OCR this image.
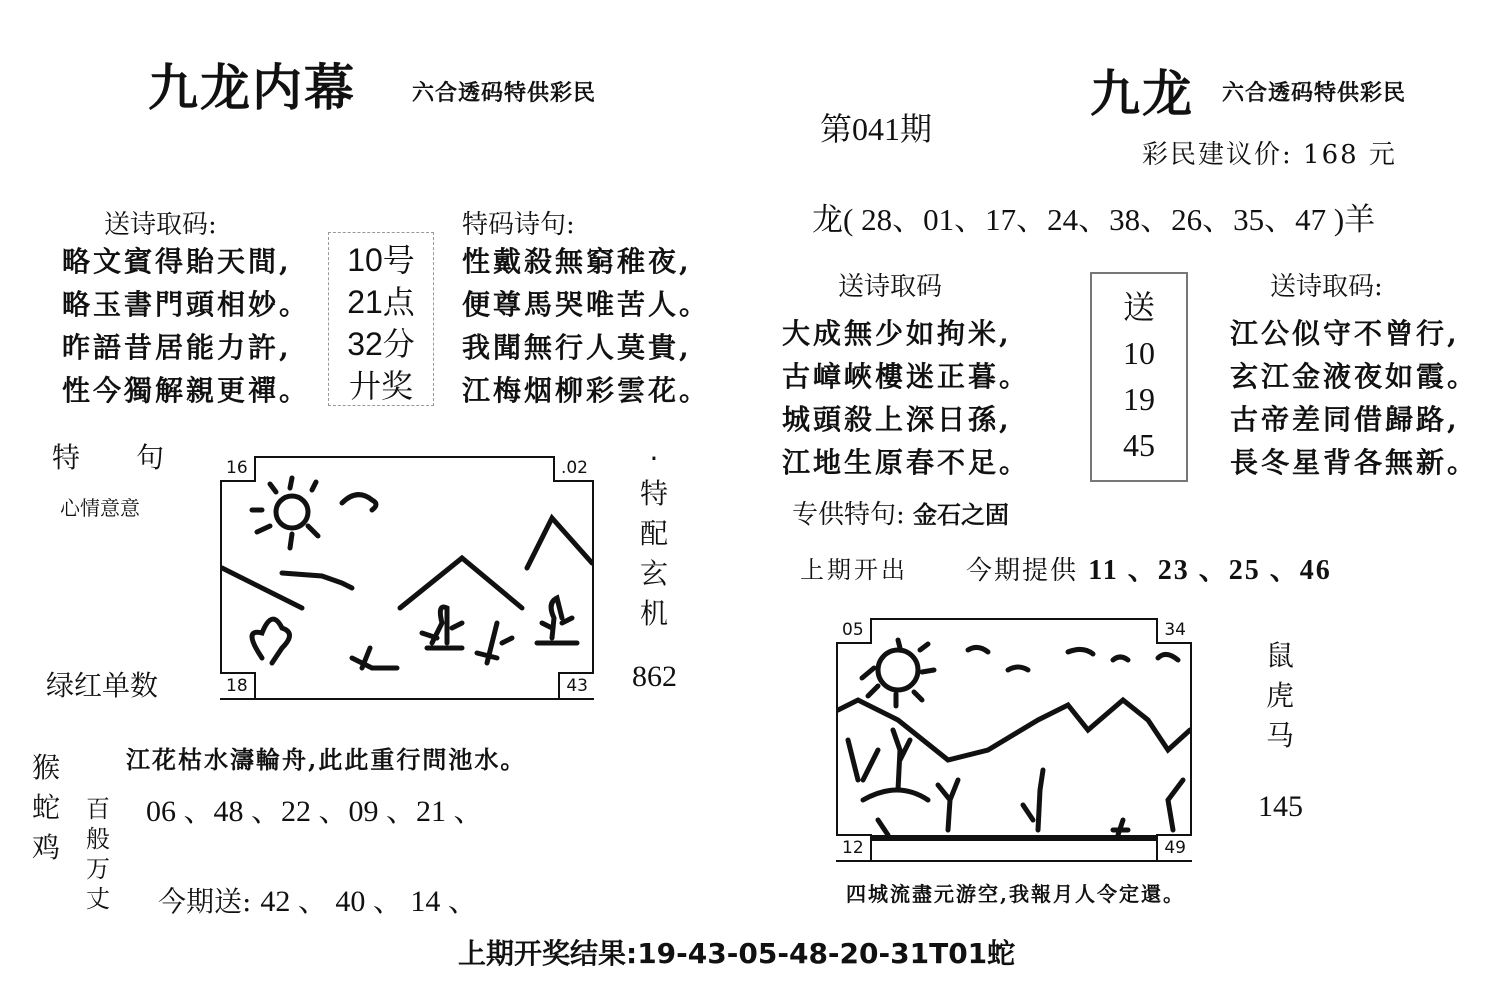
九龙内幕	六合透码特供彩民
送诗取码:
略文賓得貽天間,
略玉書門頭相妙。
昨語昔居能力許,
性今獨解親更禪。
10号
21点
32分
廾奖
特码诗句:
性戴殺無窮稚夜,
便尊馬哭唯苦人。
我聞無行人莫貴,
江梅烟柳彩雲花。
特　　句
心情意意
绿红单数
16	.02
18	43
·
特
配
玄
机
862
猴
蛇
鸡
百
般
万
丈
江花枯水濤輪舟,此此重行問池水。
06 、48 、22 、09 、21 、
今期送: 42 、 40 、 14 、
第041期
九龙 六合透码特供彩民
彩民建议价: 168 元
龙( 28、01、17、24、38、26、35、47 )羊
送诗取码
大成無少如拘米,
古嶂峽樓迷正暮。
城頭殺上深日孫,
江地生原春不足。
送
10
19
45
送诗取码:
江公似守不曾行,
玄江金液夜如霞。
古帝差同借歸路,
長冬星背各無新。
专供特句: 金石之固
上期开出 今期提供 11 、23 、25 、46
05	34
12	49
鼠
虎
马
145
四城流盡元游空,我報月人令定還。
上期开奖结果:19-43-05-48-20-31T01蛇
